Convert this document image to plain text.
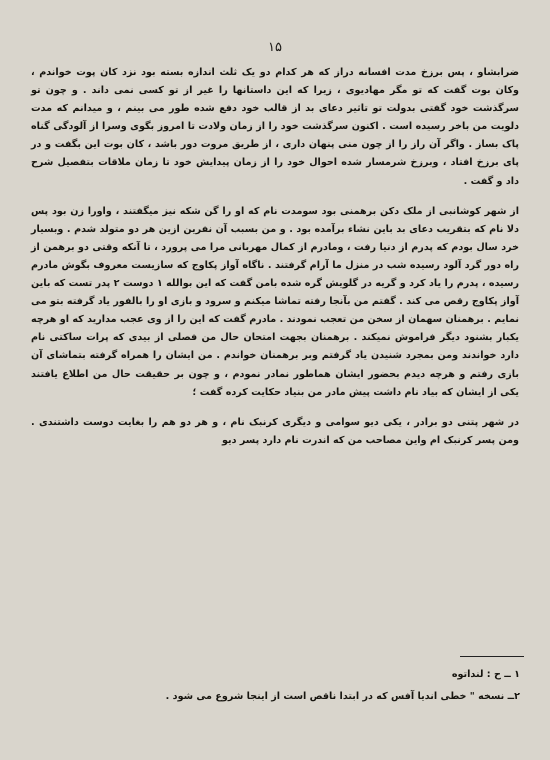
۱۵

ضرابشاو ، پس برزخ مدت افسانه دراز که هر کدام دو یک ثلث اندازه بسته بود نزد کان پوت خواندم ، وکان بوت گفت که تو مگر مهادیوی ، زیرا که این داستانها را غیر از تو کسی نمی داند . و چون تو سرگذشت خود گفتی بدولت تو تاثیر دعای بد از قالب خود دفع شده طور می بینم ، و میدانم که مدت دلویت من باخر رسیده است . اکنون سرگذشت خود را از زمان ولادت تا امروز بگوی وسرا از آلودگی گناه پاک بساز . واگر آن راز را از چون منی پنهان داری ، از طریق مروت دور باشد ، کان بوت این بگفت و در پای برزخ افتاد ، وبرزخ شرمسار شده احوال خود را از زمان پیدایش خود تا زمان ملاقات بتفصیل شرح داد و گفت .

از شهر کوشانبی از ملک دکن برهمنی بود سومدت نام که او را گن شکه نیز میگفتند ، واورا زن بود پس دلا نام که بتقریب دعای بد باین نشاء برآمده بود . و من بسبب آن نفرین ازین هر دو متولد شدم . وبسیار خرد سال بودم که پدرم از دنیا رفت ، ومادرم از کمال مهربانی مرا می پرورد ، تا آنکه وقتی دو برهمن از راه دور گرد آلود رسیده شب در منزل ما آرام گرفتند . ناگاه آواز پکاوج که سازیست معروف بگوش مادرم رسیده ، پدرم را یاد کرد و گریه در گلویش گره شده بامن گفت که این بوالله ۱ دوست ۲ پدر تست که باین آواز پکاوج رقص می کند . گفتم من بآنجا رفته تماشا میکنم و سرود و بازی او را بالفور یاد گرفته بتو می نمایم . برهمنان سهمان از سخن من تعجب نمودند . مادرم گفت که این را از وی عجب مدارید که او هرچه یکبار بشنود دیگر فراموش نمیکند . برهمنان بجهت امتحان حال من فصلی از بیدی که پرات ساکتی نام دارد خواندند ومن بمجرد شنیدن یاد گرفتم وبر برهمنان خواندم . من ایشان را همراه گرفته بتماشای آن بازی رفتم و هرچه دیدم بحضور ایشان هماطور نمادر نمودم ، و چون بر حقیقت حال من اطلاع یافتند یکی از ایشان که بیاد نام داشت پیش مادر من بنیاد حکایت کرده گفت ؛

در شهر پتنی دو برادر ، یکی دیو سوامی و دیگری کرنبک نام ، و هر دو هم را بغایت دوست داشتندی . ومن پسر کرنبک ام واین مصاحب من که اندرت نام دارد پسر دیو

۱ ــ ح : لنداتوه

۲ــ نسخه " خطی اندیا آفس که در ابتدا ناقص است از اینجا شروع می شود .
